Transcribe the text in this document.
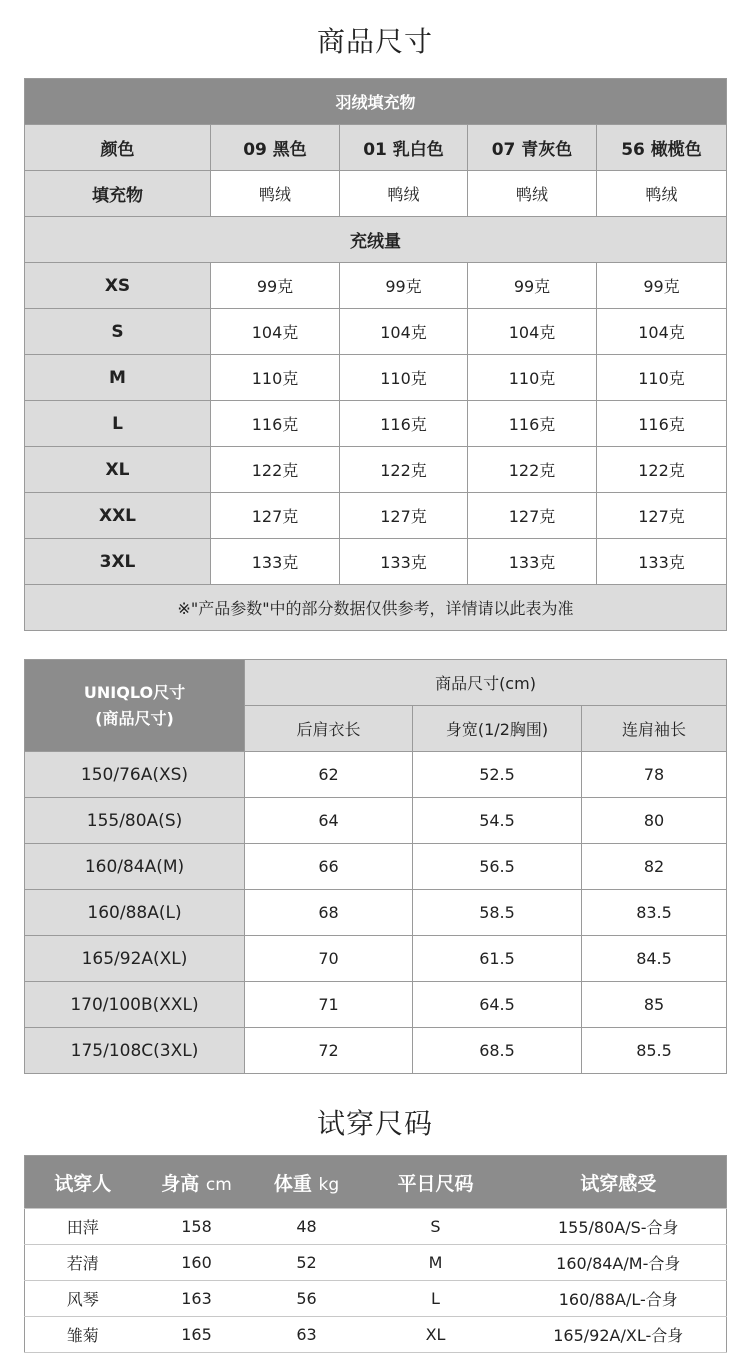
商品尺寸
羽绒填充物				
颜色	09 黑色	01 乳白色	07 青灰色	56 橄榄色
填充物	鸭绒	鸭绒	鸭绒	鸭绒
充绒量				
XS	99克	99克	99克	99克
S	104克	104克	104克	104克
M	110克	110克	110克	110克
L	116克	116克	116克	116克
XL	122克	122克	122克	122克
XXL	127克	127克	127克	127克
3XL	133克	133克	133克	133克
※"产品参数"中的部分数据仅供参考，详情请以此表为准				
UNIQLO尺寸
(商品尺寸)	商品尺寸(cm)		
	后肩衣长	身宽(1/2胸围)	连肩袖长
150/76A(XS)	62	52.5	78
155/80A(S)	64	54.5	80
160/84A(M)	66	56.5	82
160/88A(L)	68	58.5	83.5
165/92A(XL)	70	61.5	84.5
170/100B(XXL)	71	64.5	85
175/108C(3XL)	72	68.5	85.5
试穿尺码
试穿人	身高 cm	体重 kg	平日尺码	试穿感受
田萍	158	48	S	155/80A/S-合身
若清	160	52	M	160/84A/M-合身
风琴	163	56	L	160/88A/L-合身
雏菊	165	63	XL	165/92A/XL-合身
